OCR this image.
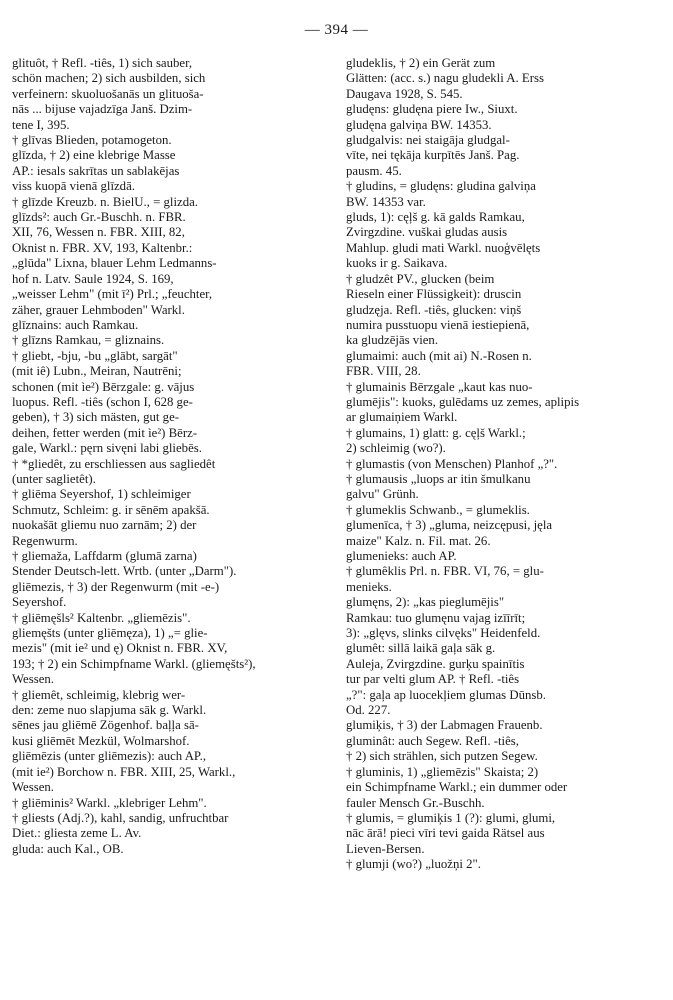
— 394 —
glituôt, † Refl. -tiês, 1) sich sauber,
schön machen; 2) sich ausbilden, sich
verfeinern: skuoluošanās un glituoša-
nās ... bijuse vajadzīga Janš. Dzim-
tene I, 395.
† glīvas Blieden, potamogeton.
glīzda, † 2) eine klebrige Masse
AP.: iesals sakrītas un sablakējas
viss kuopā vienā glīzdā.
† glīzde Kreuzb. n. BielU., = glizda.
glīzds²: auch Gr.-Buschh. n. FBR.
XII, 76, Wessen n. FBR. XIII, 82,
Oknist n. FBR. XV, 193, Kaltenbr.:
„glūda" Lixna, blauer Lehm Ledmanns-
hof n. Latv. Saule 1924, S. 169,
„weisser Lehm" (mit ī²) Prl.; „feuchter,
zäher, grauer Lehmboden" Warkl.
glīznains: auch Ramkau.
† glīzns Ramkau, = gliznains.
† gliebt, -bju, -bu „glābt, sargāt"
(mit iê) Lubn., Meiran, Nautrēni;
schonen (mit ìe²) Bērzgale: g. vājus
luopus. Refl. -tiês (schon I, 628 ge-
geben), † 3) sich mästen, gut ge-
deihen, fetter werden (mit ìe²) Bērz-
gale, Warkl.: pęrn sivęni labi gliebēs.
† *gliedêt, zu erschliessen aus sagliedêt
(unter saglietêt).
† gliēma Seyershof, 1) schleimiger
Schmutz, Schleim: g. ir sēnēm apakšā.
nuokašāt gliemu nuo zarnām; 2) der
Regenwurm.
† gliemaža, Laffdarm (glumā zarna)
Stender Deutsch-lett. Wrtb. (unter „Darm").
gliēmezis, † 3) der Regenwurm (mit -e-)
Seyershof.
† gliēmęšls² Kaltenbr. „gliemēzis".
gliemęšts (unter gliēmęza), 1) „= glie-
mezis" (mit ie² und ę) Oknist n. FBR. XV,
193; † 2) ein Schimpfname Warkl. (gliemęšts²),
Wessen.
† gliemêt, schleimig, klebrig wer-
den: zeme nuo slapjuma sāk g. Warkl.
sēnes jau gliēmē Zögenhof. baļļa sā-
kusi gliēmēt Mezkül, Wolmarshof.
gliēmēzis (unter gliēmezis): auch AP.,
(mit ie²) Borchow n. FBR. XIII, 25, Warkl.,
Wessen.
† gliēminis² Warkl. „klebriger Lehm".
† gliests (Adj.?), kahl, sandig, unfruchtbar
Diet.: gliesta zeme L. Av.
gluda: auch Kal., OB.
gludeklis, † 2) ein Gerät zum
Glätten: (acc. s.) nagu gludekli A. Erss
Daugava 1928, S. 545.
gludęns: gludęna piere Iw., Siuxt.
gludęna galviņa BW. 14353.
gludgalvis: nei staigāja gludgal-
vīte, nei tękāja kurpītēs Janš. Pag.
pausm. 45.
† gludins, = gludęns: gludina galviņa
BW. 14353 var.
gluds, 1): cęļš g. kā galds Ramkau,
Zvirgzdine. vuškai gludas ausis
Mahlup. gludi mati Warkl. nuoģvēlęts
kuoks ir g. Saikava.
† gludzêt PV., glucken (beim
Rieseln einer Flüssigkeit): druscin
gludzęja. Refl. -tiês, glucken: viņš
numira pusstuopu vienā iestiepienā,
ka gludzējās vien.
glumaimi: auch (mit ai) N.-Rosen n.
FBR. VIII, 28.
† glumainis Bērzgale „kaut kas nuo-
glumējis": kuoks, gulēdams uz zemes, aplipis
ar glumaiņiem Warkl.
† glumains, 1) glatt: g. cęļš Warkl.;
2) schleimig (wo?).
† glumastis (von Menschen) Planhof „?".
† glumausis „luops ar itin šmulkanu
galvu" Grünh.
† glumeklis Schwanb., = glumeklis.
glumenīca, † 3) „gluma, neizcępusi, jęla
maize" Kalz. n. Fil. mat. 26.
glumenieks: auch AP.
† glumêklis Prl. n. FBR. VI, 76, = glu-
menieks.
glumęns, 2): „kas pieglumējis"
Ramkau: tuo glumęnu vajag izīīrīt;
3): „glęvs, slinks cilvęks" Heidenfeld.
glumêt: sillā laikā gaļa sāk g.
Auleja, Zvirgzdine. gurķu spainītis
tur par velti glum AP. † Refl. -tiês
„?": gaļa ap luocekļiem glumas Dūnsb.
Od. 227.
glumiķis, † 3) der Labmagen Frauenb.
gluminât: auch Segew. Refl. -tiês,
† 2) sich strählen, sich putzen Segew.
† gluminis, 1) „gliemēzis" Skaista; 2)
ein Schimpfname Warkl.; ein dummer oder
fauler Mensch Gr.-Buschh.
† glumis, = glumiķis 1 (?): glumi, glumi,
nāc ārā! pieci vīri tevi gaida Rätsel aus
Lieven-Bersen.
† glumji (wo?) „luožņi 2".
